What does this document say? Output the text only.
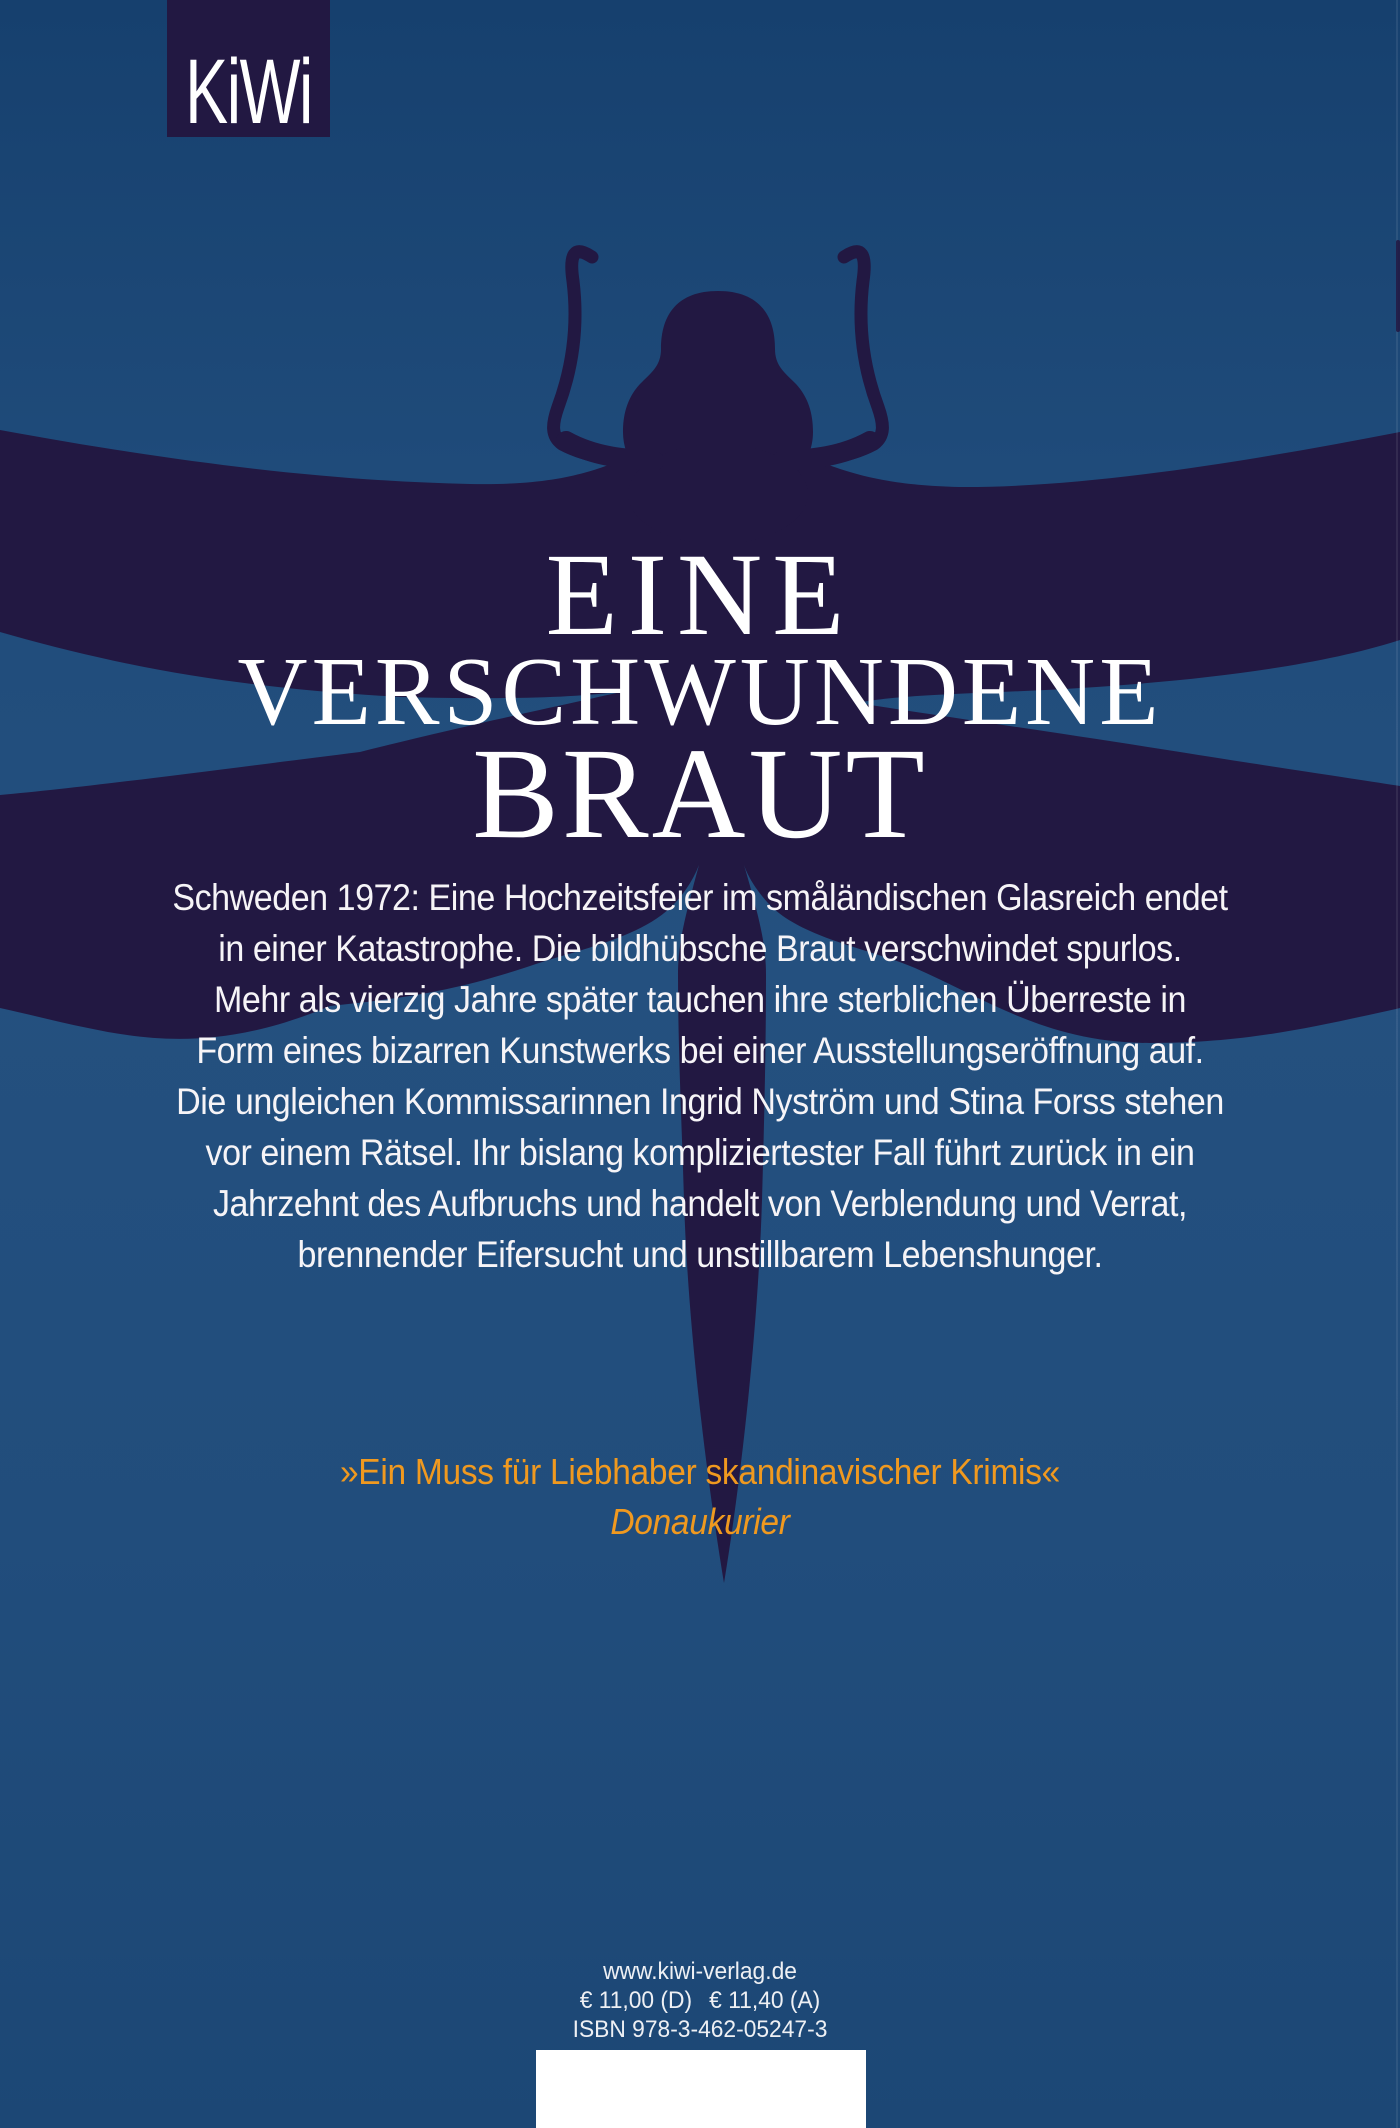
KiWi
EINE
VERSCHWUNDENE
BRAUT
Schweden 1972: Eine Hochzeitsfeier im småländischen Glasreich endet
in einer Katastrophe. Die bildhübsche Braut verschwindet spurlos.
Mehr als vierzig Jahre später tauchen ihre sterblichen Überreste in
Form eines bizarren Kunstwerks bei einer Ausstellungseröffnung auf.
Die ungleichen Kommissarinnen Ingrid Nyström und Stina Forss stehen
vor einem Rätsel. Ihr bislang kompliziertester Fall führt zurück in ein
Jahrzehnt des Aufbruchs und handelt von Verblendung und Verrat,
brennender Eifersucht und unstillbarem Lebenshunger.
»Ein Muss für Liebhaber skandinavischer Krimis«
Donaukurier
www.kiwi-verlag.de
€ 11,00 (D) € 11,40 (A)
ISBN 978-3-462-05247-3
